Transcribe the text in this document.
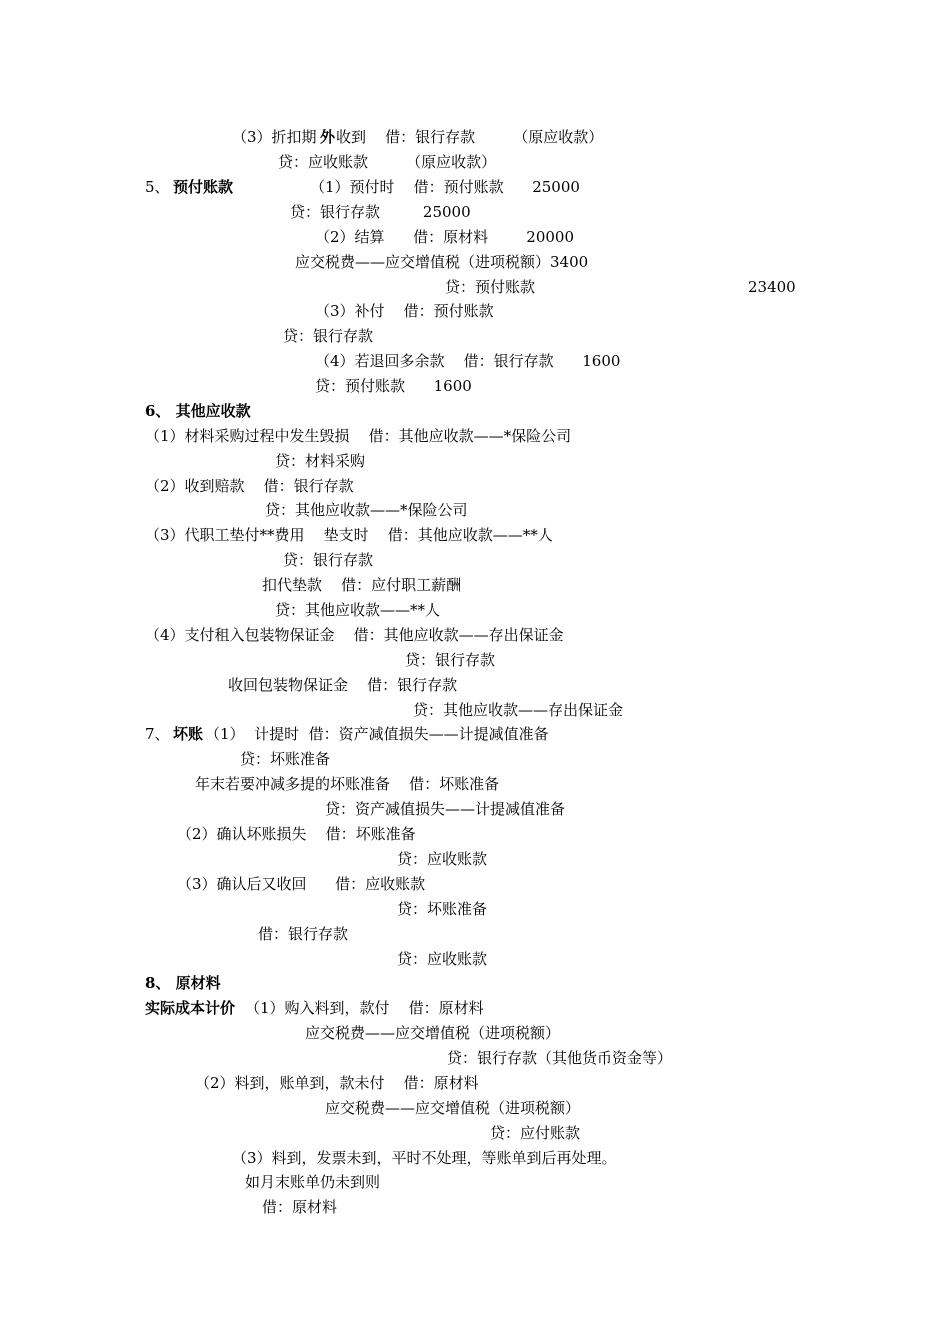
（3）折扣期 外 收到    借：银行存款        （原应收款）
贷：应收账款        （原应收款）
5、
预付账款	（1）预付时    借：预付账款      25000
贷：银行存款         25000
（2）结算      借：原材料        20000
应交税费——应交增值税（进项税额）3400
贷：预付账款	23400
（3）补付    借：预付账款
贷：银行存款
（4）若退回多余款    借：银行存款      1600
贷：预付账款      1600
6、 其他应收款
（1）材料采购过程中发生毁损    借：其他应收款——*保险公司
贷：材料采购
（2）收到赔款    借：银行存款
贷：其他应收款——*保险公司
（3）代职工垫付**费用    垫支时    借：其他应收款——**人
贷：银行存款
扣代垫款    借：应付职工薪酬
贷：其他应收款——**人
（4）支付租入包装物保证金    借：其他应收款——存出保证金
贷：银行存款
收回包装物保证金    借：银行存款
贷：其他应收款——存出保证金
7、
坏账 （1）  计提时  借：资产减值损失——计提减值准备
贷：坏账准备
年末若要冲减多提的坏账准备    借：坏账准备
贷：资产减值损失——计提减值准备
（2）确认坏账损失    借：坏账准备
贷：应收账款
（3）确认后又收回      借：应收账款
贷：坏账准备
借：银行存款
贷：应收账款
8、 原材料
实际成本计价 （1）购入料到，款付    借：原材料
应交税费——应交增值税（进项税额）
贷：银行存款（其他货币资金等）
（2）料到，账单到，款未付    借：原材料
应交税费——应交增值税（进项税额）
贷：应付账款
（3）料到，发票未到，平时不处理，等账单到后再处理。
如月末账单仍未到则
借：原材料
